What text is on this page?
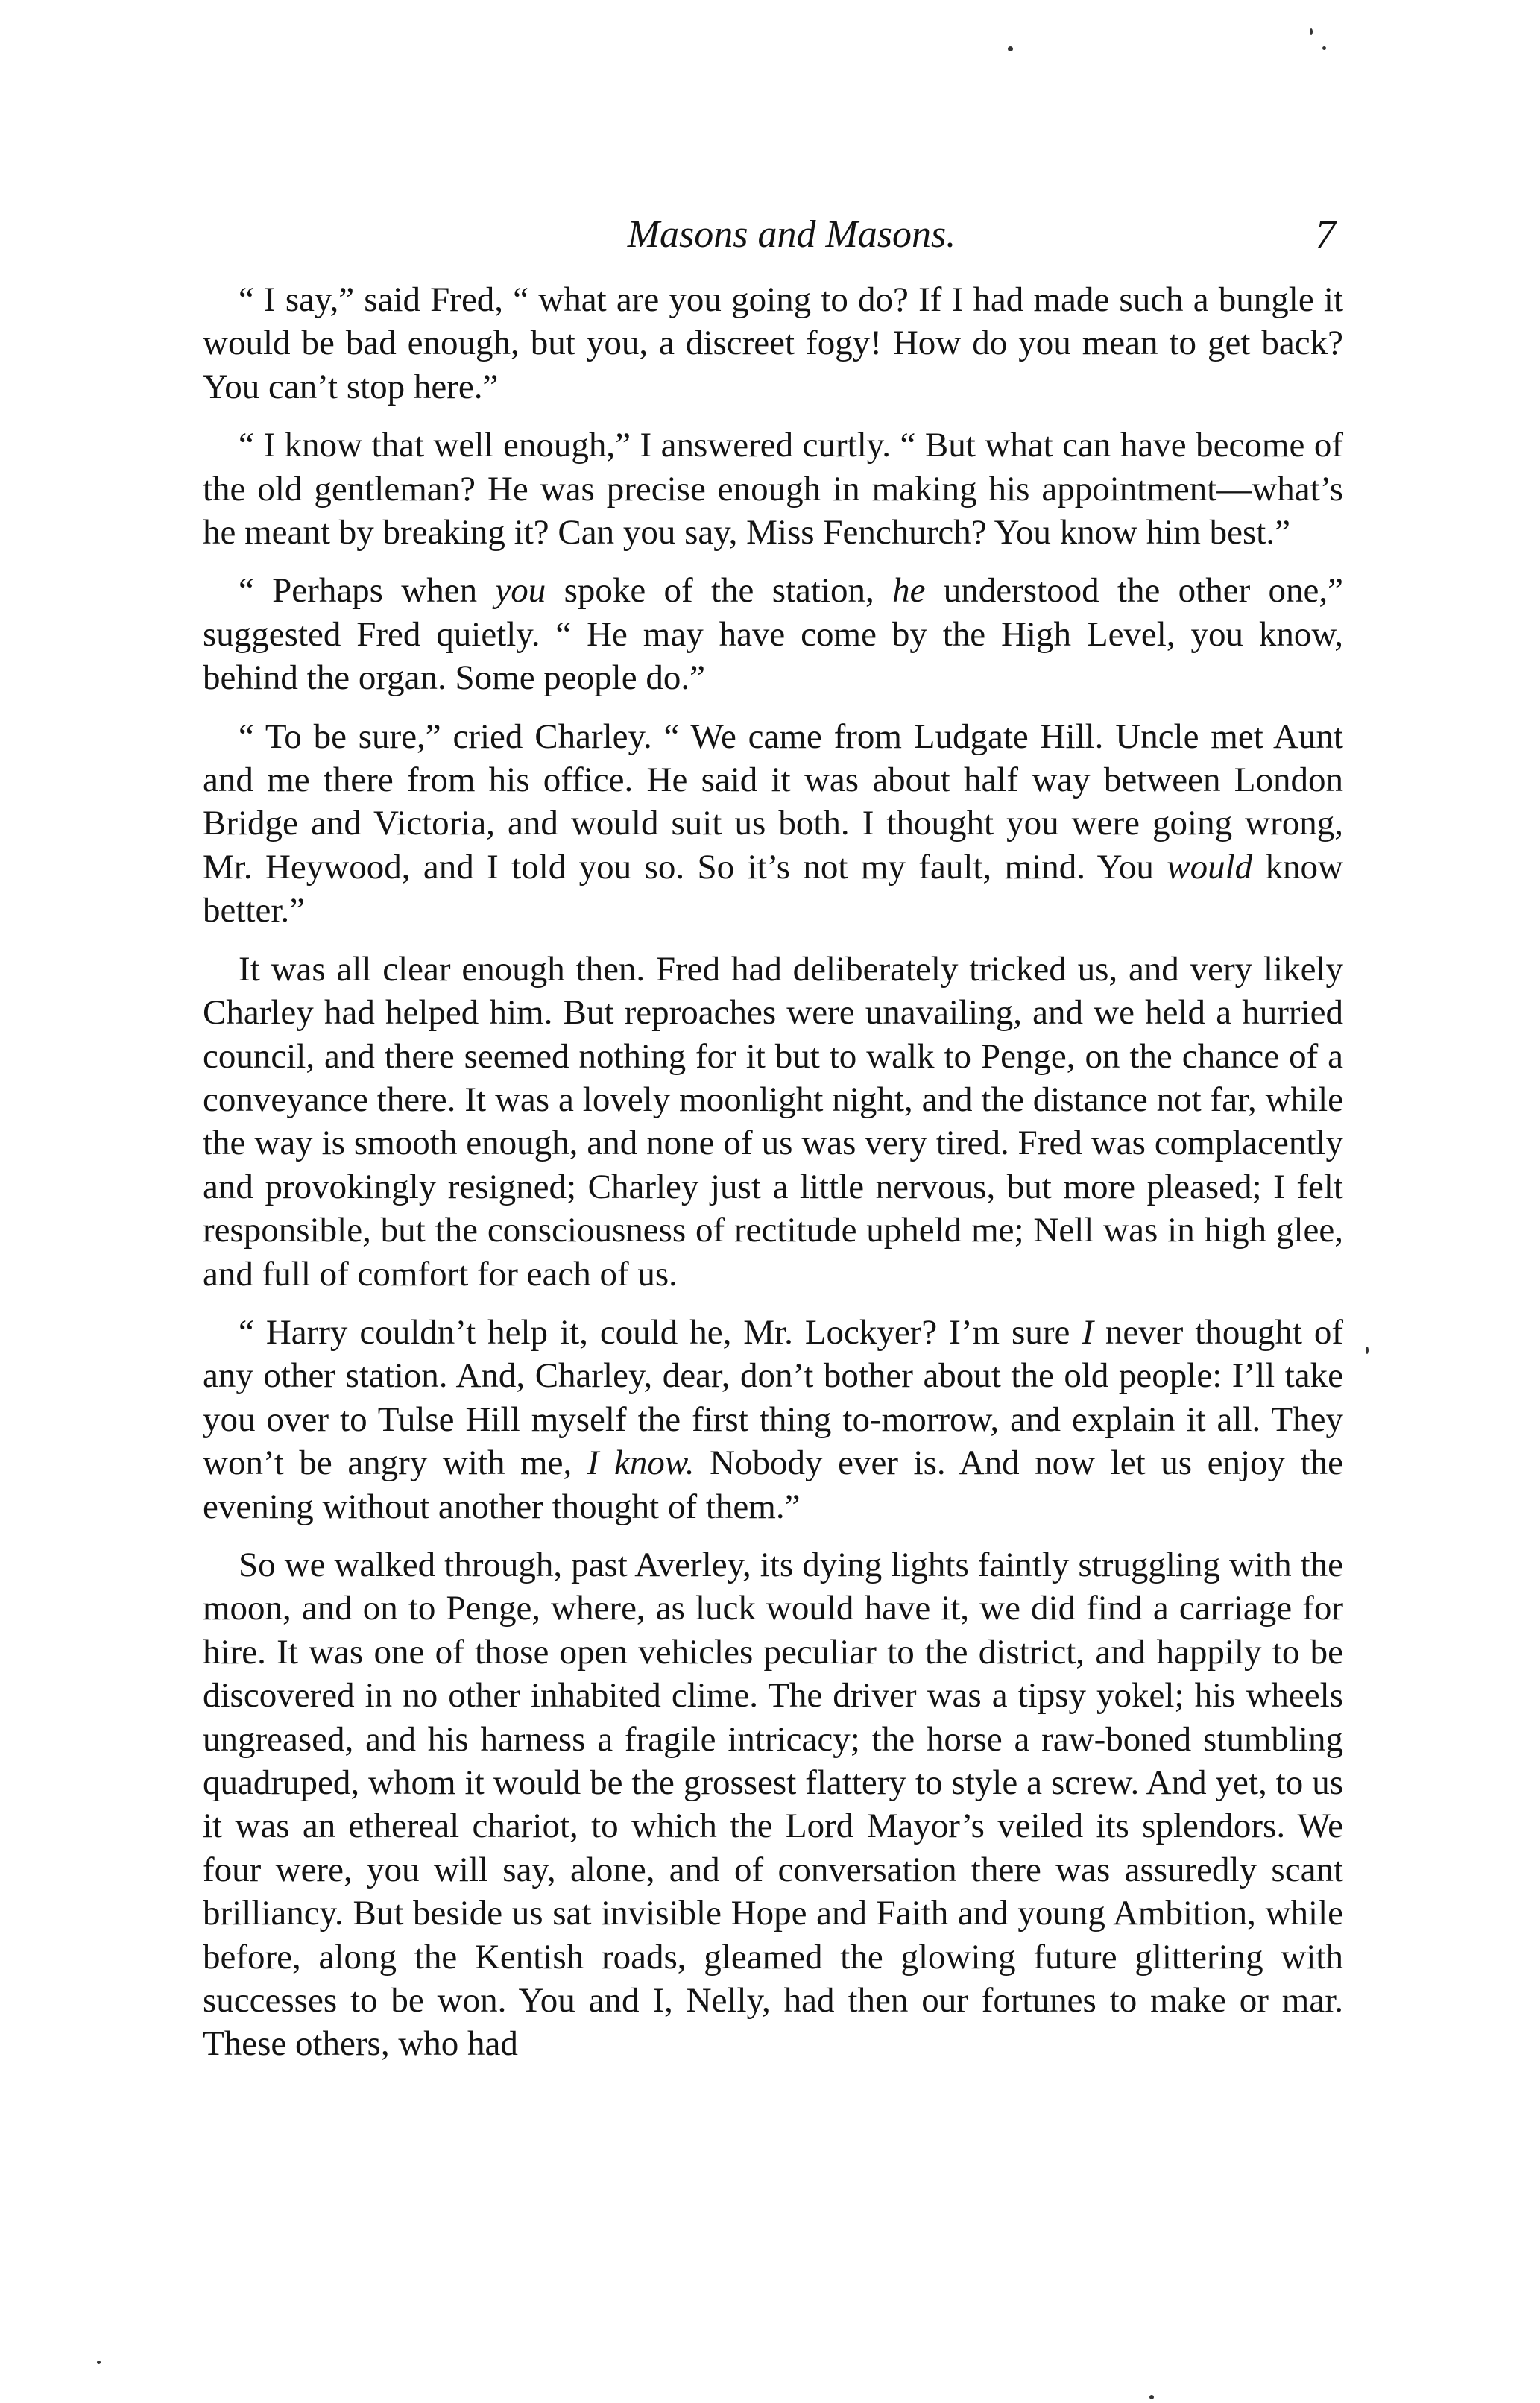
Masons and Masons.	7

“ I say,” said Fred, “ what are you going to do? If I had made such a bungle it would be bad enough, but you, a discreet fogy! How do you mean to get back? You can’t stop here.”

“ I know that well enough,” I answered curtly. “ But what can have become of the old gentleman? He was precise enough in making his appointment—what’s he meant by breaking it? Can you say, Miss Fenchurch? You know him best.”

“ Perhaps when you spoke of the station, he understood the other one,” suggested Fred quietly. “ He may have come by the High Level, you know, behind the organ. Some people do.”

“ To be sure,” cried Charley. “ We came from Ludgate Hill. Uncle met Aunt and me there from his office. He said it was about half way between London Bridge and Victoria, and would suit us both. I thought you were going wrong, Mr. Heywood, and I told you so. So it’s not my fault, mind. You would know better.”

It was all clear enough then. Fred had deliberately tricked us, and very likely Charley had helped him. But reproaches were unavailing, and we held a hurried council, and there seemed nothing for it but to walk to Penge, on the chance of a conveyance there. It was a lovely moonlight night, and the distance not far, while the way is smooth enough, and none of us was very tired. Fred was complacently and provokingly resigned; Charley just a little nervous, but more pleased; I felt responsible, but the consciousness of rectitude upheld me; Nell was in high glee, and full of comfort for each of us.

“ Harry couldn’t help it, could he, Mr. Lockyer? I’m sure I never thought of any other station. And, Charley, dear, don’t bother about the old people: I’ll take you over to Tulse Hill myself the first thing to-morrow, and explain it all. They won’t be angry with me, I know. Nobody ever is. And now let us enjoy the evening without another thought of them.”

So we walked through, past Averley, its dying lights faintly struggling with the moon, and on to Penge, where, as luck would have it, we did find a carriage for hire. It was one of those open vehicles peculiar to the district, and happily to be discovered in no other inhabited clime. The driver was a tipsy yokel; his wheels ungreased, and his harness a fragile intricacy; the horse a raw-boned stumbling quadruped, whom it would be the grossest flattery to style a screw. And yet, to us it was an ethereal chariot, to which the Lord Mayor’s veiled its splendors. We four were, you will say, alone, and of conversation there was assuredly scant brilliancy. But beside us sat invisible Hope and Faith and young Ambition, while before, along the Kentish roads, gleamed the glowing future glittering with successes to be won. You and I, Nelly, had then our fortunes to make or mar. These others, who had
